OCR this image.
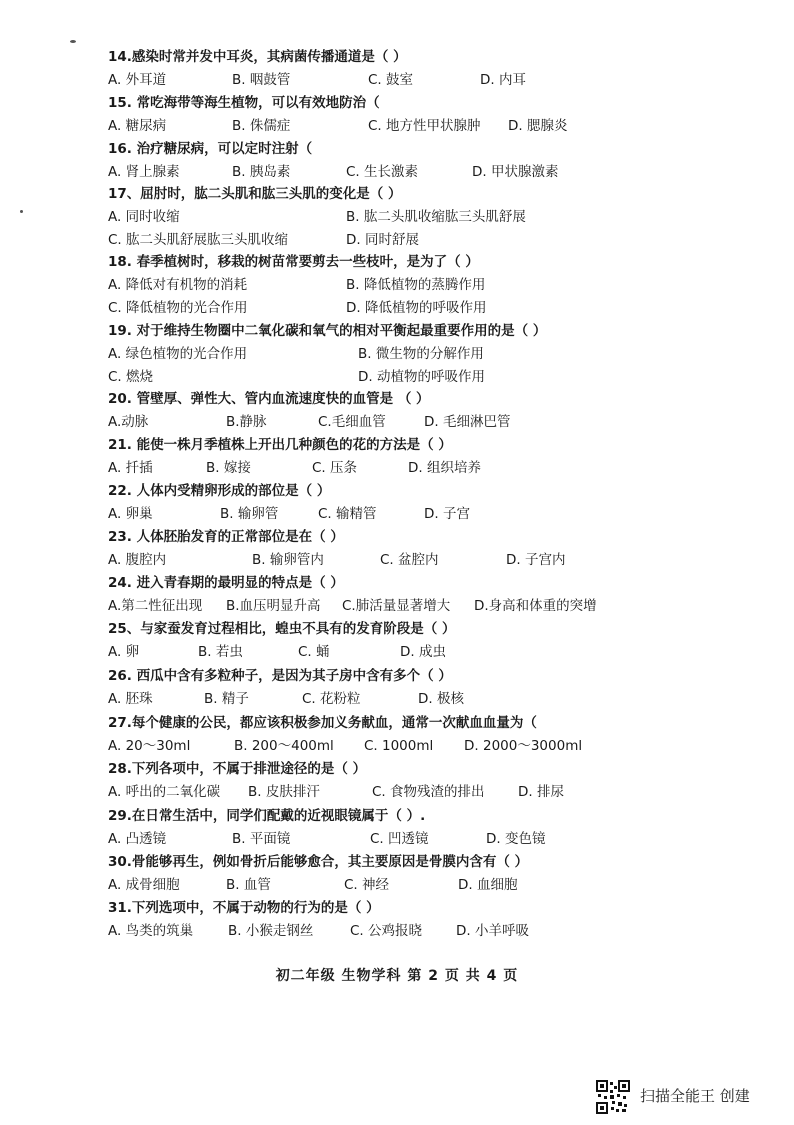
14.感染时常并发中耳炎，其病菌传播通道是（ ）
A. 外耳道	B. 咽鼓管	C. 鼓室	D. 内耳
15. 常吃海带等海生植物，可以有效地防治（
A. 糖尿病	B. 侏儒症	C. 地方性甲状腺肿 D. 腮腺炎
16. 治疗糖尿病，可以定时注射（
A. 肾上腺素	B. 胰岛素	C. 生长激素	D. 甲状腺激素
17、屈肘时，肱二头肌和肱三头肌的变化是（ ）
A. 同时收缩	B. 肱二头肌收缩肱三头肌舒展
C. 肱二头肌舒展肱三头肌收缩	D. 同时舒展
18. 春季植树时，移栽的树苗常要剪去一些枝叶，是为了（ ）
A. 降低对有机物的消耗	B. 降低植物的蒸腾作用
C. 降低植物的光合作用	D. 降低植物的呼吸作用
19. 对于维持生物圈中二氧化碳和氧气的相对平衡起最重要作用的是（ ）
A. 绿色植物的光合作用	B. 微生物的分解作用
C. 燃烧	D. 动植物的呼吸作用
20. 管壁厚、弹性大、管内血流速度快的血管是 （ ）
A.动脉	B.静脉	C.毛细血管	D. 毛细淋巴管
21. 能使一株月季植株上开出几种颜色的花的方法是（ ）
A. 扦插	B. 嫁接	C. 压条	D. 组织培养
22. 人体内受精卵形成的部位是（ ）
A. 卵巢	B. 输卵管	C. 输精管	D. 子宫
23. 人体胚胎发育的正常部位是在（ ）
A. 腹腔内	B. 输卵管内	C. 盆腔内	D. 子宫内
24. 进入青春期的最明显的特点是（ ）
A.第二性征出现 B.血压明显升高 C.肺活量显著增大 D.身高和体重的突增
25、与家蚕发育过程相比，蝗虫不具有的发育阶段是（ ）
A. 卵	B. 若虫	C. 蛹	D. 成虫
26. 西瓜中含有多粒种子，是因为其子房中含有多个（ ）
A. 胚珠	B. 精子	C. 花粉粒	D. 极核
27.每个健康的公民，都应该积极参加义务献血，通常一次献血血量为（
A. 20～30ml	B. 200～400ml C. 1000ml D. 2000～3000ml
28.下列各项中，不属于排泄途径的是（ ）
A. 呼出的二氧化碳 B. 皮肤排汗	C. 食物残渣的排出 D. 排尿
29.在日常生活中，同学们配戴的近视眼镜属于（ ）.
A. 凸透镜	B. 平面镜	C. 凹透镜	D. 变色镜
30.骨能够再生，例如骨折后能够愈合，其主要原因是骨膜内含有（ ）
A. 成骨细胞	B. 血管	C. 神经	D. 血细胞
31.下列选项中，不属于动物的行为的是（ ）
A. 鸟类的筑巢	B. 小猴走钢丝	C. 公鸡报晓	D. 小羊呼吸
初二年级 生物学科 第 2 页 共 4 页
扫描全能王 创建
